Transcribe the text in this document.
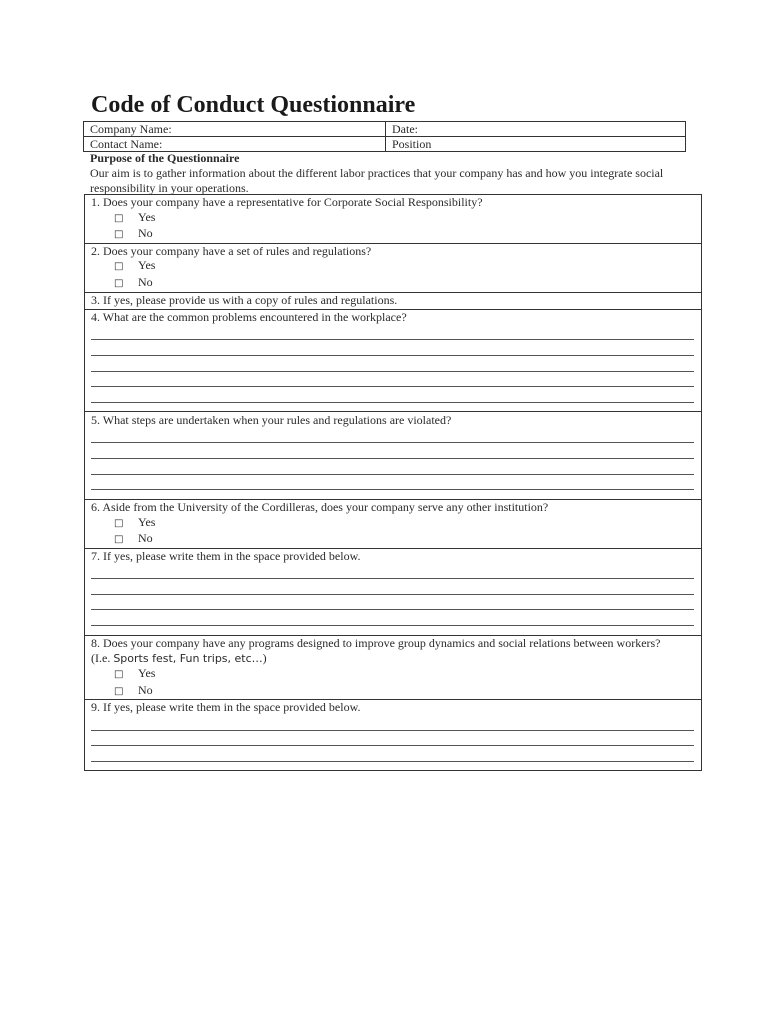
Code of Conduct Questionnaire
Company Name:	Date:
Contact Name:	Position
Purpose of the Questionnaire
Our aim is to gather information about the different labor practices that your company has and how you integrate social responsibility in your operations.
1. Does your company have a representative for Corporate Social Responsibility?
□ Yes
□ No
2. Does your company have a set of rules and regulations?
□ Yes
□ No
3. If yes, please provide us with a copy of rules and regulations.
4. What are the common problems encountered in the workplace?
5. What steps are undertaken when your rules and regulations are violated?
6. Aside from the University of the Cordilleras, does your company serve any other institution?
□ Yes
□ No
7. If yes, please write them in the space provided below.
8. Does your company have any programs designed to improve group dynamics and social relations between workers?
(I.e. Sports fest, Fun trips, etc…)
□ Yes
□ No
9. If yes, please write them in the space provided below.
